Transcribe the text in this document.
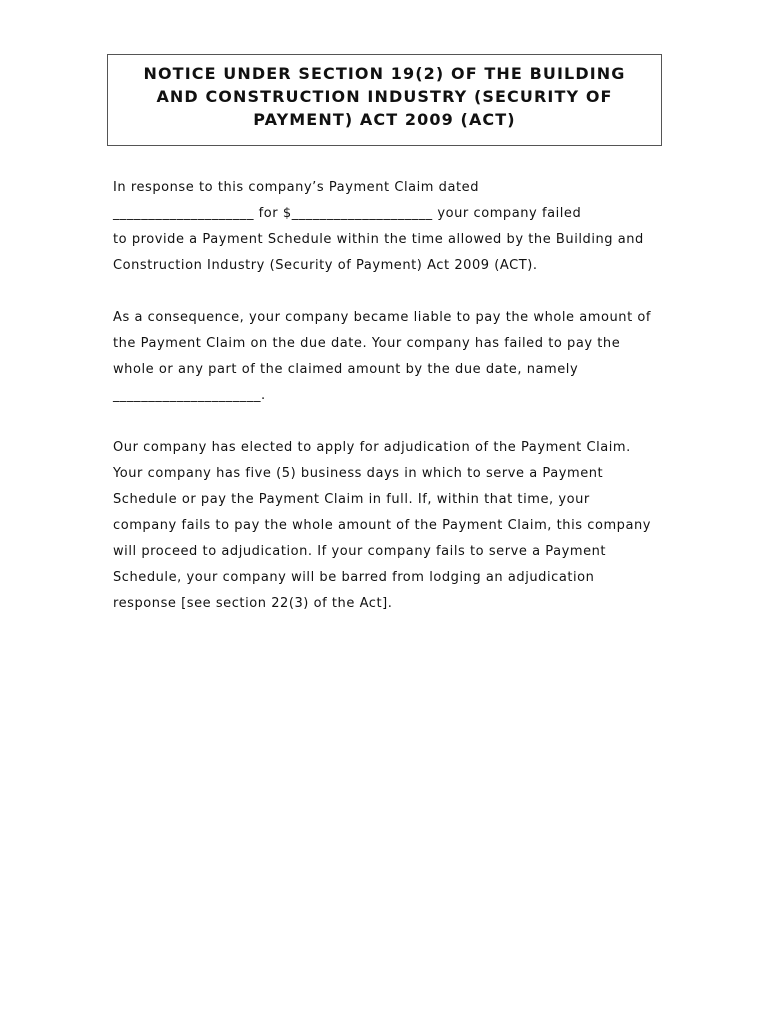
NOTICE UNDER SECTION 19(2) OF THE BUILDING
AND CONSTRUCTION INDUSTRY (SECURITY OF
PAYMENT) ACT 2009 (ACT)
In response to this company’s Payment Claim dated
____________________ for $____________________ your company failed
to provide a Payment Schedule within the time allowed by the Building and
Construction Industry (Security of Payment) Act 2009 (ACT).
As a consequence, your company became liable to pay the whole amount of
the Payment Claim on the due date. Your company has failed to pay the
whole or any part of the claimed amount by the due date, namely
_____________________.
Our company has elected to apply for adjudication of the Payment Claim.
Your company has five (5) business days in which to serve a Payment
Schedule or pay the Payment Claim in full. If, within that time, your
company fails to pay the whole amount of the Payment Claim, this company
will proceed to adjudication. If your company fails to serve a Payment
Schedule, your company will be barred from lodging an adjudication
response [see section 22(3) of the Act].
